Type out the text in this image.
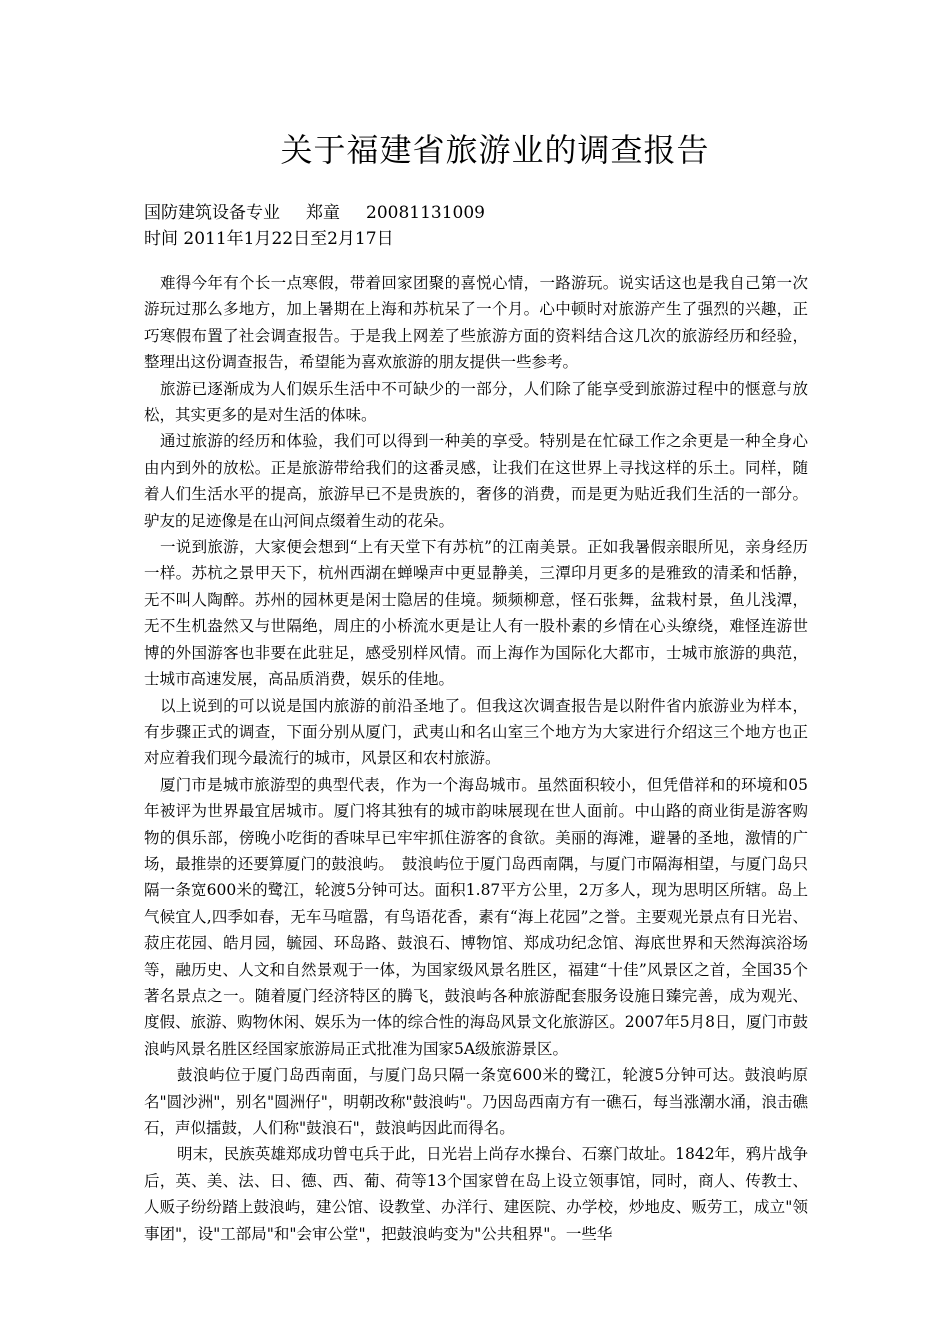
关于福建省旅游业的调查报告
国防建筑设备专业 郑童 20081131009
时间 2011年1月22日至2月17日

难得今年有个长一点寒假，带着回家团聚的喜悦心情，一路游玩。说实话这也是我自己第一次游玩过那么多地方，加上暑期在上海和苏杭呆了一个月。心中顿时对旅游产生了强烈的兴趣，正巧寒假布置了社会调查报告。于是我上网差了些旅游方面的资料结合这几次的旅游经历和经验，整理出这份调查报告，希望能为喜欢旅游的朋友提供一些参考。

旅游已逐渐成为人们娱乐生活中不可缺少的一部分，人们除了能享受到旅游过程中的惬意与放松，其实更多的是对生活的体味。

通过旅游的经历和体验，我们可以得到一种美的享受。特别是在忙碌工作之余更是一种全身心由内到外的放松。正是旅游带给我们的这番灵感，让我们在这世界上寻找这样的乐土。同样，随着人们生活水平的提高，旅游早已不是贵族的，奢侈的消费，而是更为贴近我们生活的一部分。驴友的足迹像是在山河间点缀着生动的花朵。

一说到旅游，大家便会想到“上有天堂下有苏杭”的江南美景。正如我暑假亲眼所见，亲身经历一样。苏杭之景甲天下，杭州西湖在蝉噪声中更显静美，三潭印月更多的是雅致的清柔和恬静，无不叫人陶醉。苏州的园林更是闲士隐居的佳境。频频柳意，怪石张舞，盆栽村景，鱼儿浅潭，无不生机盎然又与世隔绝，周庄的小桥流水更是让人有一股朴素的乡情在心头缭绕，难怪连游世博的外国游客也非要在此驻足，感受别样风情。而上海作为国际化大都市，士城市旅游的典范，士城市高速发展，高品质消费，娱乐的佳地。

以上说到的可以说是国内旅游的前沿圣地了。但我这次调查报告是以附件省内旅游业为样本，有步骤正式的调查，下面分别从厦门，武夷山和名山室三个地方为大家进行介绍这三个地方也正对应着我们现今最流行的城市，风景区和农村旅游。

厦门市是城市旅游型的典型代表，作为一个海岛城市。虽然面积较小，但凭借祥和的环境和05年被评为世界最宜居城市。厦门将其独有的城市韵味展现在世人面前。中山路的商业街是游客购物的俱乐部，傍晚小吃街的香味早已牢牢抓住游客的食欲。美丽的海滩，避暑的圣地，激情的广场，最推崇的还要算厦门的鼓浪屿。　鼓浪屿位于厦门岛西南隅，与厦门市隔海相望，与厦门岛只隔一条宽600米的鹭江，轮渡5分钟可达。面积1.87平方公里，2万多人，现为思明区所辖。岛上气候宜人,四季如春，无车马喧嚣，有鸟语花香，素有“海上花园”之誉。主要观光景点有日光岩、菽庄花园、皓月园，毓园、环岛路、鼓浪石、博物馆、郑成功纪念馆、海底世界和天然海滨浴场等，融历史、人文和自然景观于一体，为国家级风景名胜区，福建“十佳”风景区之首，全国35个著名景点之一。随着厦门经济特区的腾飞，鼓浪屿各种旅游配套服务设施日臻完善，成为观光、度假、旅游、购物休闲、娱乐为一体的综合性的海岛风景文化旅游区。2007年5月8日，厦门市鼓浪屿风景名胜区经国家旅游局正式批准为国家5A级旅游景区。

鼓浪屿位于厦门岛西南面，与厦门岛只隔一条宽600米的鹭江，轮渡5分钟可达。鼓浪屿原名"圆沙洲"，别名"圆洲仔"，明朝改称"鼓浪屿"。乃因岛西南方有一礁石，每当涨潮水涌，浪击礁石，声似擂鼓，人们称"鼓浪石"，鼓浪屿因此而得名。

明末，民族英雄郑成功曾屯兵于此，日光岩上尚存水操台、石寨门故址。1842年，鸦片战争后，英、美、法、日、德、西、葡、荷等13个国家曾在岛上设立领事馆，同时，商人、传教士、人贩子纷纷踏上鼓浪屿，建公馆、设教堂、办洋行、建医院、办学校，炒地皮、贩劳工，成立"领事团"，设"工部局"和"会审公堂"，把鼓浪屿变为"公共租界"。一些华
